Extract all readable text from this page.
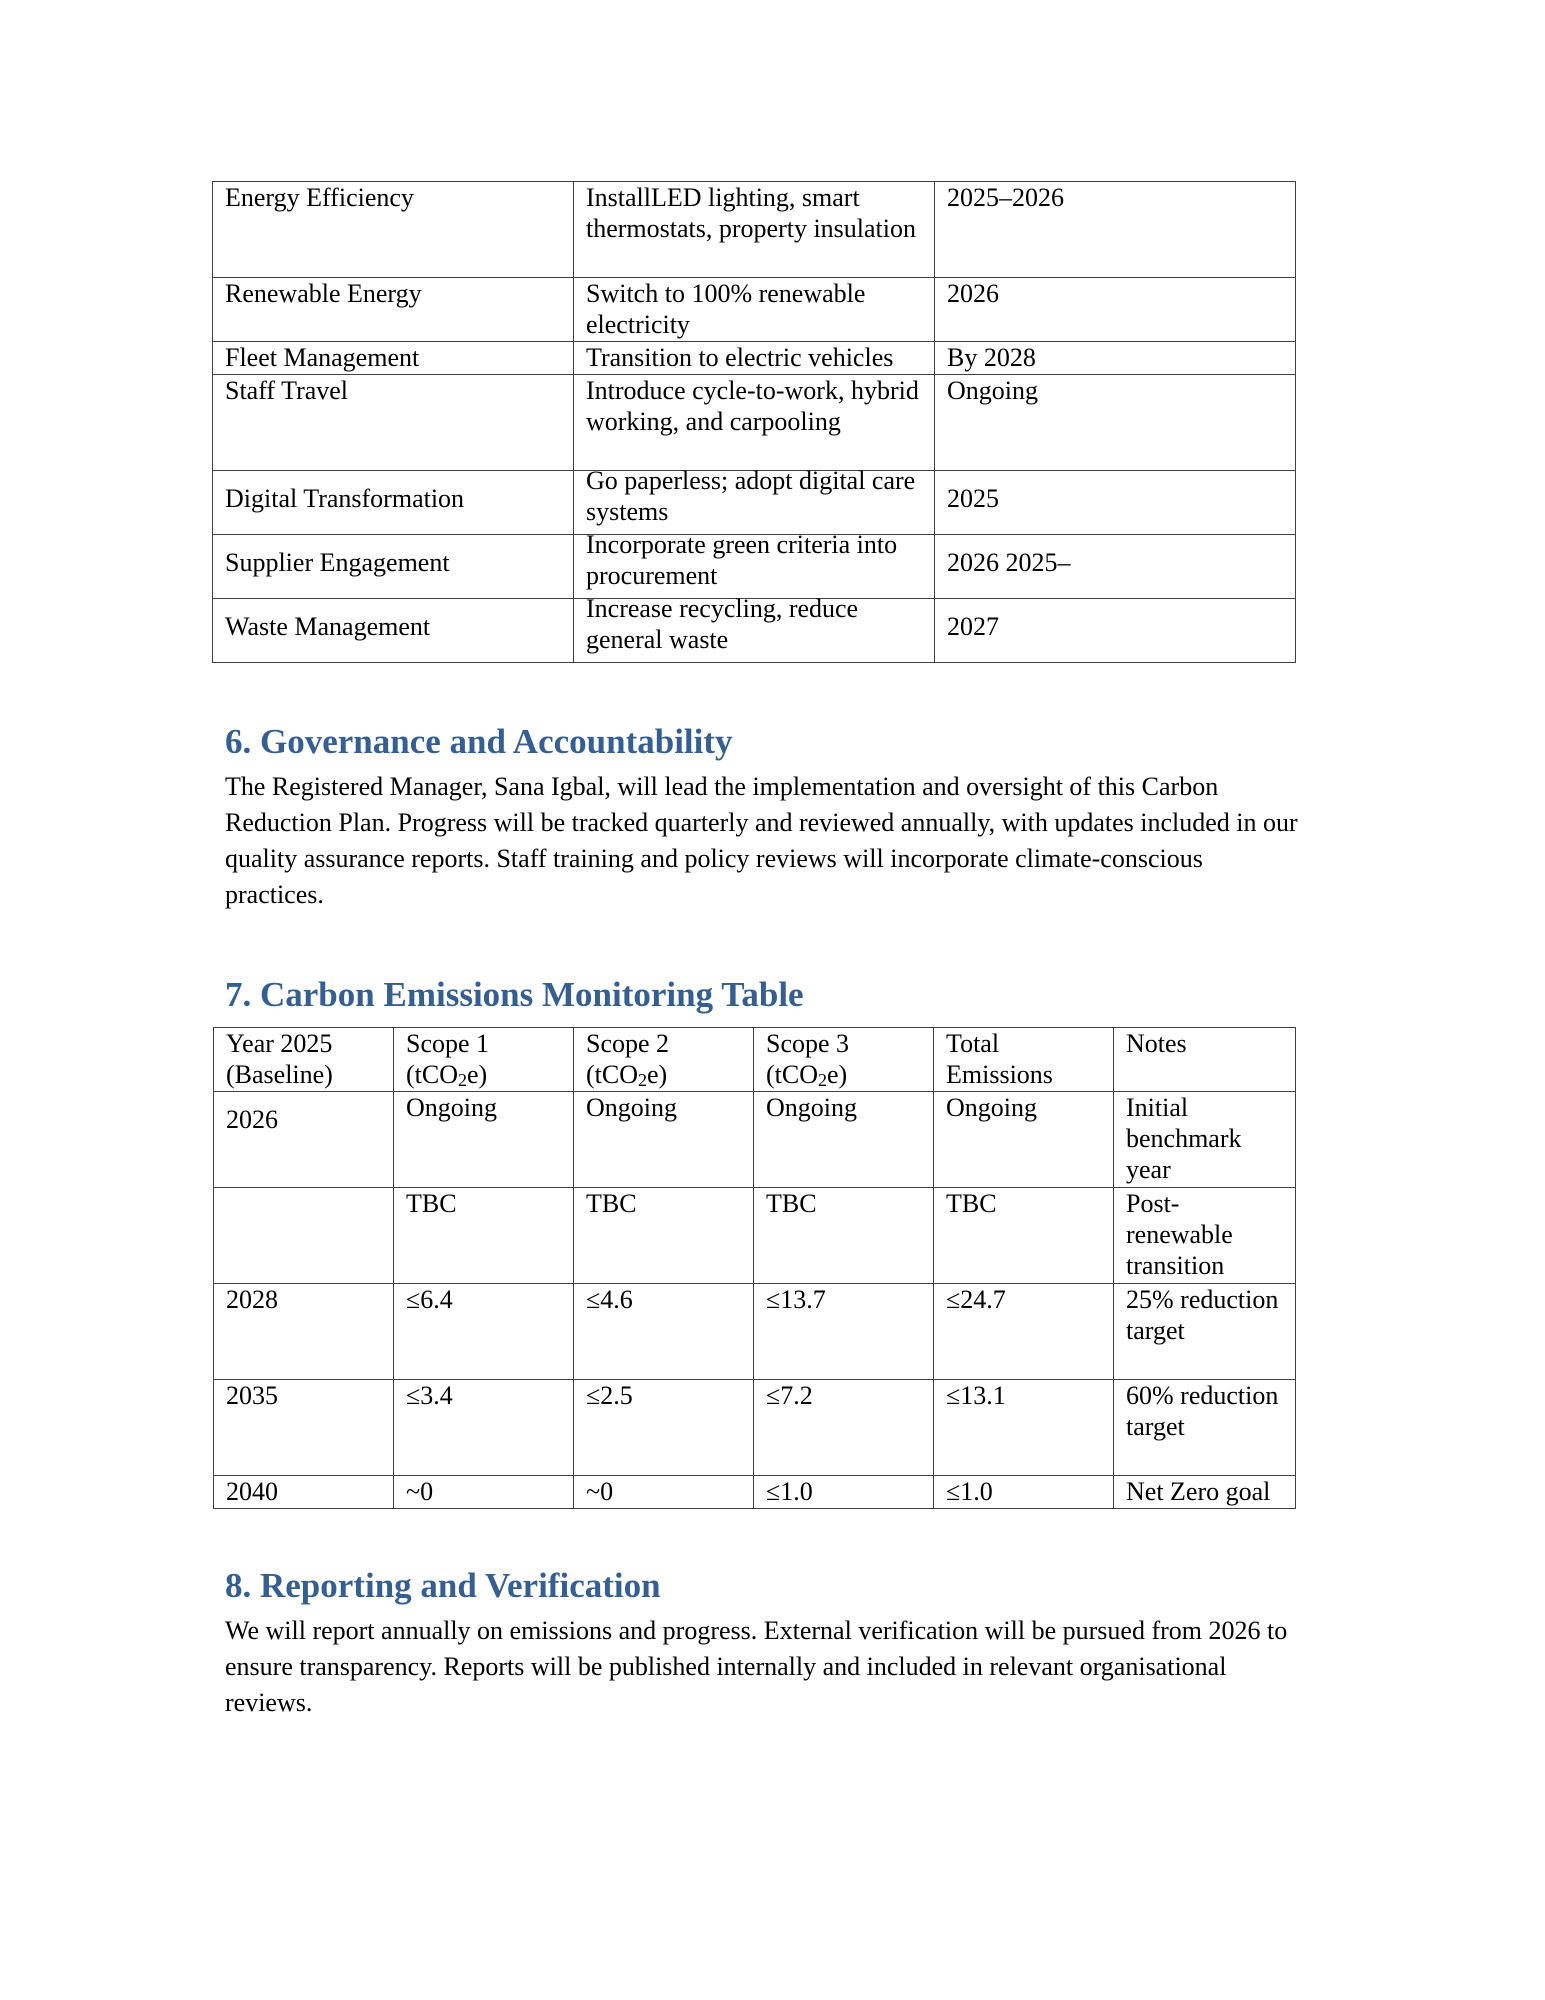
Energy Efficiency	InstallLED lighting, smart thermostats, property insulation	2025–2026
Renewable Energy	Switch to 100% renewable electricity	2026
Fleet Management	Transition to electric vehicles	By 2028
Staff Travel	Introduce cycle-to-work, hybrid working, and carpooling	Ongoing
Digital Transformation	Go paperless; adopt digital care systems	2025
Supplier Engagement	Incorporate green criteria into procurement	2026 2025–
Waste Management	Increase recycling, reduce general waste	2027
6. Governance and Accountability

The Registered Manager, Sana Igbal, will lead the implementation and oversight of this Carbon Reduction Plan. Progress will be tracked quarterly and reviewed annually, with updates included in our quality assurance reports. Staff training and policy reviews will incorporate climate-conscious practices.

7. Carbon Emissions Monitoring Table
Year 2025 (Baseline)	Scope 1 (tCO$_2$e)	Scope 2 (tCO$_2$e)	Scope 3 (tCO$_2$e)	Total Emissions	Notes
2026	Ongoing	Ongoing	Ongoing	Ongoing	Initial benchmark year
	TBC	TBC	TBC	TBC	Post-renewable transition
2028	≤6.4	≤4.6	≤13.7	≤24.7	25% reduction target
2035	≤3.4	≤2.5	≤7.2	≤13.1	60% reduction target
2040	~0	~0	≤1.0	≤1.0	Net Zero goal
8. Reporting and Verification

We will report annually on emissions and progress. External verification will be pursued from 2026 to ensure transparency. Reports will be published internally and included in relevant organisational reviews.
